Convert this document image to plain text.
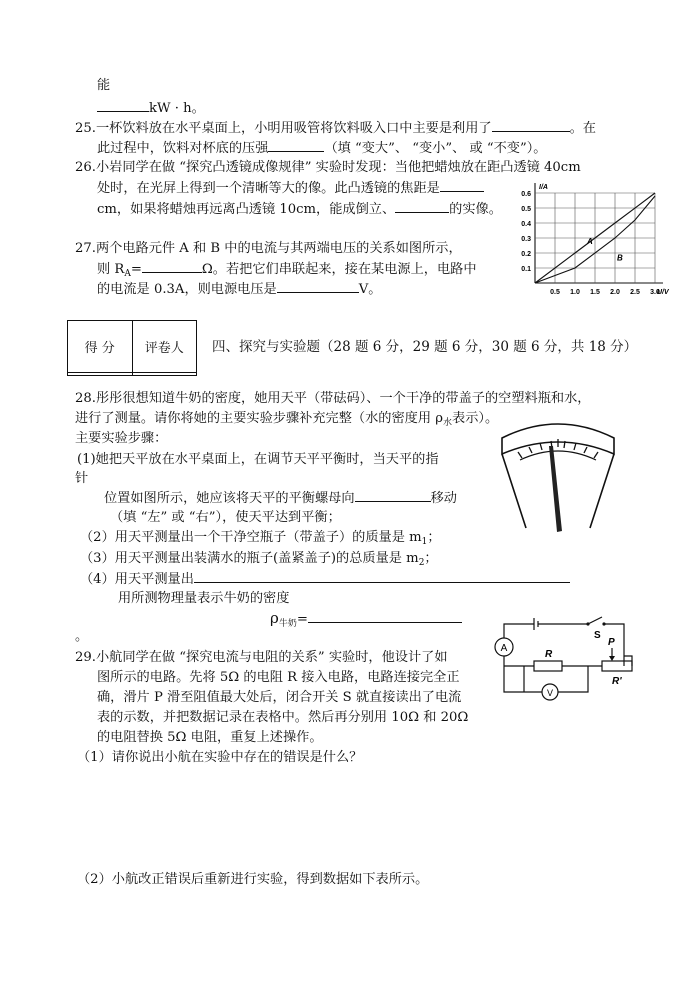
能
kW · h。
25.一杯饮料放在水平桌面上，小明用吸管将饮料吸入口中主要是利用了	。在
此过程中，饮料对杯底的压强	（填 “变大”、 “变小”、 或 “不变”）。
26.小岩同学在做 “探究凸透镜成像规律” 实验时发现：当他把蜡烛放在距凸透镜 40cm
处时，在光屏上得到一个清晰等大的像。此凸透镜的焦距是
cm，如果将蜡烛再远离凸透镜 10cm，能成倒立、	的实像。
27.两个电路元件 A 和 B 中的电流与其两端电压的关系如图所示，
则 $R_A=$	Ω。若把它们串联起来，接在某电源上，电路中
的电流是 0.3A，则电源电压是	V。	0.5 1.0 1.5 2.0 2.5 3.0
0.6
0.5
0.4
0.3
0.2
0.1
I/A
U/V
A
B
得 分	评卷人
	四、探究与实验题（28 题 6 分，29 题 6 分，30 题 6 分，共 18 分）
28.彤彤很想知道牛奶的密度，她用天平（带砝码）、一个干净的带盖子的空塑料瓶和水，
进行了测量。请你将她的主要实验步骤补充完整（水的密度用 $\rho_水$表示）。
主要实验步骤：
(1)她把天平放在水平桌面上，在调节天平平衡时，当天平的指
针
位置如图所示，她应该将天平的平衡螺母向	移动
（填 “左” 或 “右”），使天平达到平衡；
（2）用天平测量出一个干净空瓶子（带盖子）的质量是 $m_1$；
（3）用天平测量出装满水的瓶子(盖紧盖子)的总质量是 $m_2$；
（4）用天平测量出
用所测物理量表示牛奶的密度
$\rho_{牛奶}=$
。
29.小航同学在做 “探究电流与电阻的关系” 实验时，他设计了如
图所示的电路。先将 5Ω 的电阻 R 接入电路，电路连接完全正
确，滑片 P 滑至阻值最大处后，闭合开关 S 就直接读出了电流
表的示数，并把数据记录在表格中。然后再分别用 10Ω 和 20Ω
的电阻替换 5Ω 电阻，重复上述操作。
（1）请你说出小航在实验中存在的错误是什么？
（2）小航改正错误后重新进行实验，得到数据如下表所示。
A
V
S
R
P
R'
